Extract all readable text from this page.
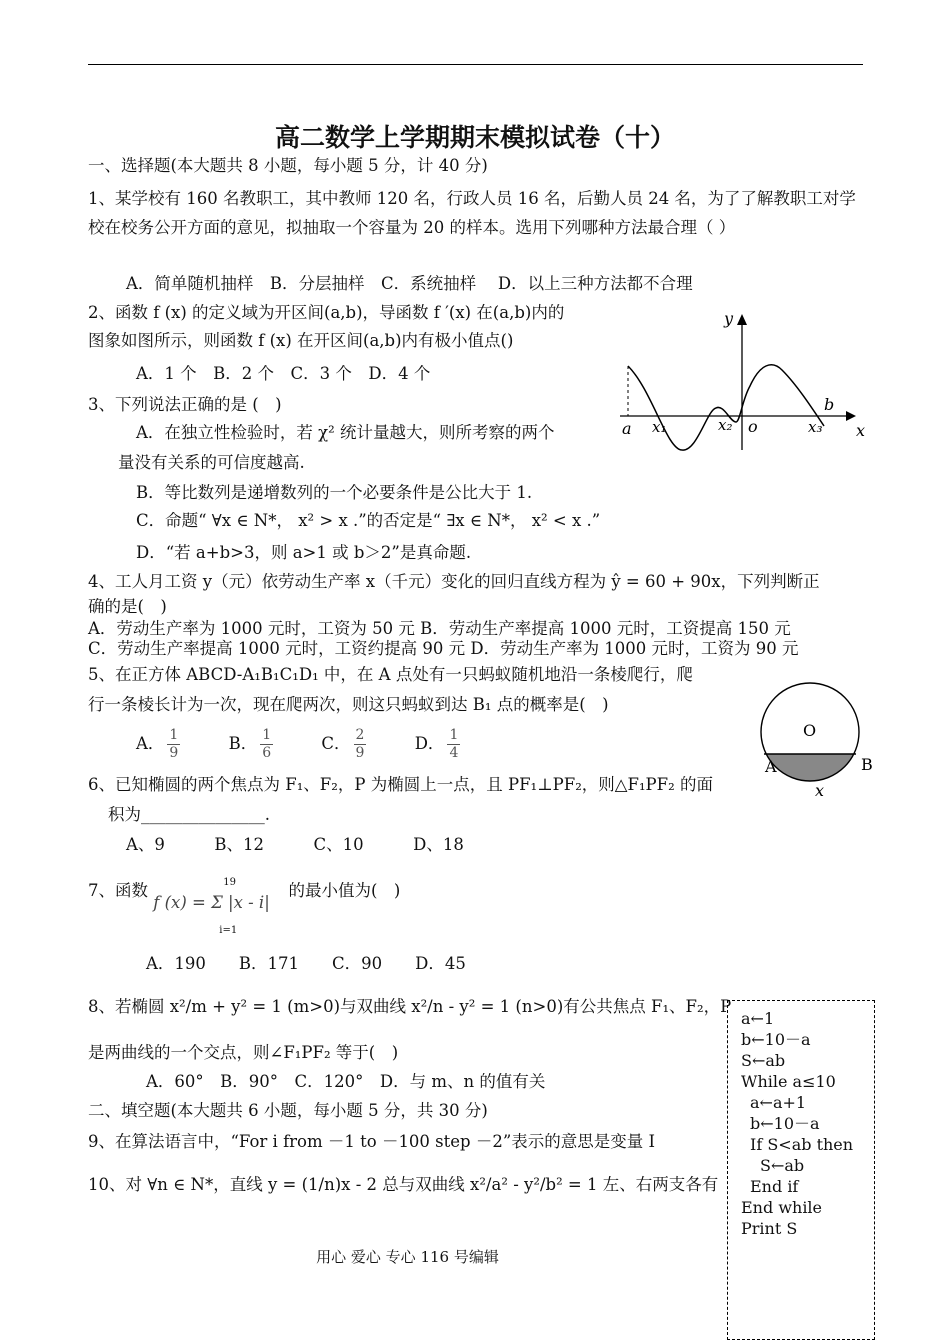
高二数学上学期期末模拟试卷（十）
一、选择题(本大题共 8 小题，每小题 5 分，计 40 分)
1、某学校有 160 名教职工，其中教师 120 名，行政人员 16 名，后勤人员 24 名，为了了解教职工对学校在校务公开方面的意见，拟抽取一个容量为 20 的样本。选用下列哪种方法最合理（ ）
A．简单随机抽样　B．分层抽样　C．系统抽样　 D．以上三种方法都不合理
2、函数 f (x) 的定义域为开区间(a,b)，导函数 f ′(x) 在(a,b)内的
图象如图所示，则函数 f (x) 在开区间(a,b)内有极小值点()
A．1 个　B．2 个　C．3 个　D．4 个
y
x
a
b
o
x₁	x₂	x₃
3、下列说法正确的是 (　)
A．在独立性检验时，若 χ² 统计量越大，则所考察的两个
量没有关系的可信度越高.
B．等比数列是递增数列的一个必要条件是公比大于 1.
C．命题“ ∀x ∈ N*， x² > x .”的否定是“ ∃x ∈ N*， x² < x .”
D．“若 a+b>3，则 a>1 或 b＞2”是真命题.
4、工人月工资 y（元）依劳动生产率 x（千元）变化的回归直线方程为 ŷ = 60 + 90x，下列判断正
确的是(　)
A．劳动生产率为 1000 元时，工资为 50 元 B．劳动生产率提高 1000 元时，工资提高 150 元
C．劳动生产率提高 1000 元时，工资约提高 90 元 D．劳动生产率为 1000 元时，工资为 90 元
5、在正方体 ABCD-A₁B₁C₁D₁ 中，在 A 点处有一只蚂蚁随机地沿一条棱爬行，爬
行一条棱长计为一次，现在爬两次，则这只蚂蚁到达 B₁ 点的概率是(　)
A． $\frac{1}{9}$	B． $\frac{1}{6}$	C． $\frac{2}{9}$	D． $\frac{1}{4}$	O
A	B
x
6、已知椭圆的两个焦点为 F₁、F₂，P 为椭圆上一点，且 PF₁⊥PF₂，则△F₁PF₂ 的面
积为_______________.
A、9　　　B、12　　　C、10　　　D、18
7、函数	19
i=1
f (x) = Σ |x - i|
的最小值为(　)
A．190　　B．171　　C．90　　D．45
8、若椭圆 x²/m + y² = 1 (m>0)与双曲线 x²/n - y² = 1 (n>0)有公共焦点 F₁、F₂，P
是两曲线的一个交点，则∠F₁PF₂ 等于(　)
A．60°　B．90°　C．120°　D．与 m、n 的值有关
二、填空题(本大题共 6 小题，每小题 5 分，共 30 分)
9、在算法语言中，“For i from －1 to －100 step －2”表示的意思是变量 I
10、对 ∀n ∈ N*，直线 y = (1/n)x - 2 总与双曲线 x²/a² - y²/b² = 1 左、右两支各有
a←1
b←10－a
S←ab
While a≤10
a←a+1
b←10－a
If S<ab then
S←ab
End if
End while
Print S
用心 爱心 专心 116 号编辑
